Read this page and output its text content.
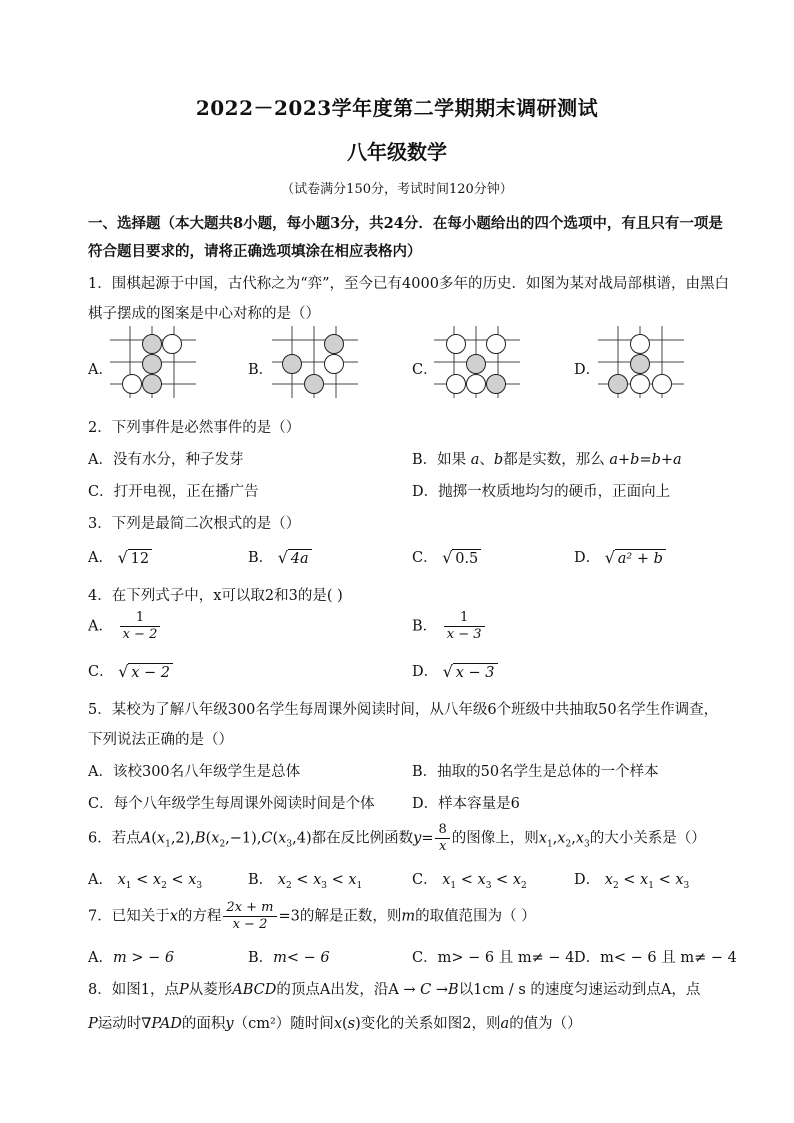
2022－2023学年度第二学期期末调研测试
八年级数学
（试卷满分150分，考试时间120分钟）
一、选择题（本大题共8小题，每小题3分，共24分．在每小题给出的四个选项中，有且只有一项是
符合题目要求的，请将正确选项填涂在相应表格内）
1．围棋起源于中国，古代称之为“弈”，至今已有4000多年的历史．如图为某对战局部棋谱，由黑白
棋子摆成的图案是中心对称的是（）
A．	B．	C．	D．
2．下列事件是必然事件的是（）
A．没有水分，种子发芽	B．如果 a、b都是实数，那么 a+b=b+a
C．打开电视，正在播广告	D．抛掷一枚质地均匀的硬币，正面向上
3．下列是最简二次根式的是（）
A． √ 12	B． √ 4a	C． √ 0.5	D． √ a² + b
4．在下列式子中，x可以取2和3的是( )
A． $\frac{1}{x - 2}$	B． $\frac{1}{x - 3}$
C． √ x − 2	D． √ x − 3
5．某校为了解八年级300名学生每周课外阅读时间，从八年级6个班级中共抽取50名学生作调查，
下列说法正确的是（）
A．该校300名八年级学生是总体	B．抽取的50名学生是总体的一个样本
C．每个八年级学生每周课外阅读时间是个体	D．样本容量是6
6．若点$A(x_1,2),B(x_2,-1),C(x_3,4)$都在反比例函数$y= \frac{8}{x}$ 的图像上，则$x_1,x_2,x_3$的大小关系是（）
A． $x_1 < x_2 < x_3$	B． $x_2 < x_3 < x_1$	C． $x_1 < x_3 < x_2$	D． $x_2 < x_1 < x_3$
7．已知关于x的方程 $\frac{2x + m}{x - 2} =3$的解是正数，则m的取值范围为（ ）
A．m > − 6	B．m< − 6	C．m> − 6 且 m≠ − 4 D．m< − 6 且 m≠ − 4
8．如图1，点P从菱形ABCD的顶点A出发，沿A → C →B以1cm / s 的速度匀速运动到点A，点
P运动时∇PAD的面积y（cm²）随时间x(s)变化的关系如图2，则a的值为（）
